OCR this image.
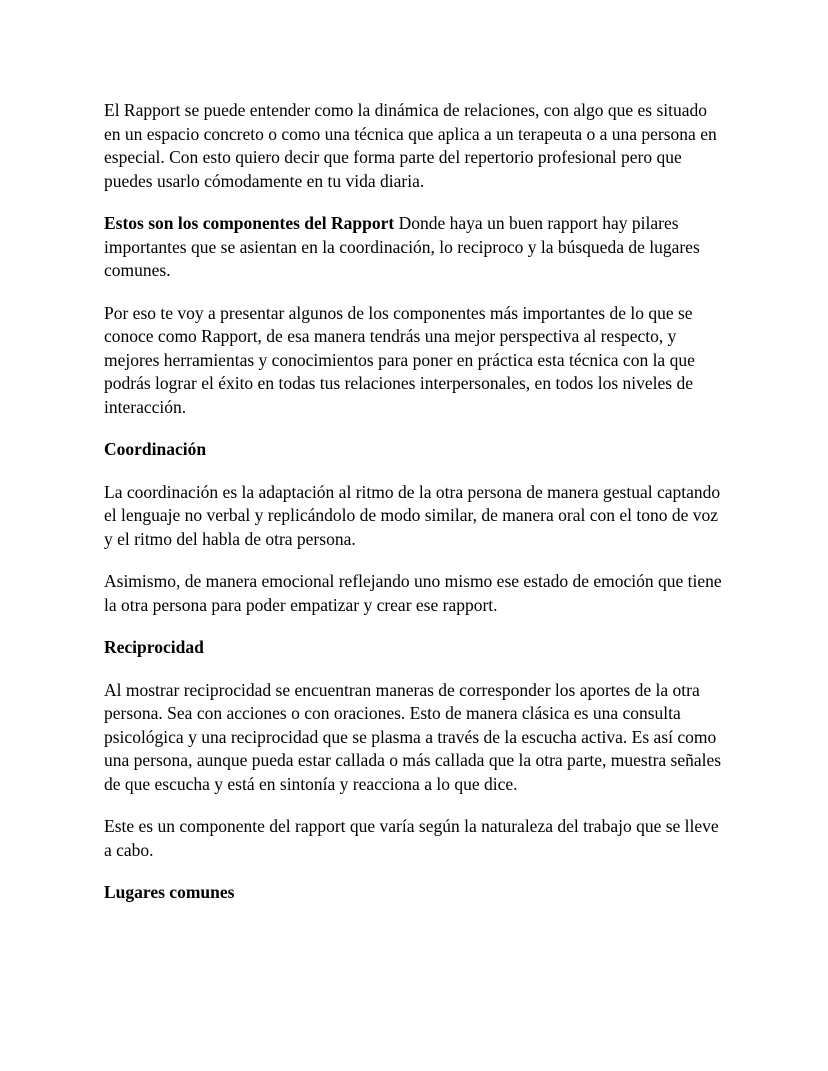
El Rapport se puede entender como la dinámica de relaciones, con algo que es situado en un espacio concreto o como una técnica que aplica a un terapeuta o a una persona en especial. Con esto quiero decir que forma parte del repertorio profesional pero que puedes usarlo cómodamente en tu vida diaria.

Estos son los componentes del Rapport Donde haya un buen rapport hay pilares importantes que se asientan en la coordinación, lo reciproco y la búsqueda de lugares comunes.

Por eso te voy a presentar algunos de los componentes más importantes de lo que se conoce como Rapport, de esa manera tendrás una mejor perspectiva al respecto, y mejores herramientas y conocimientos para poner en práctica esta técnica con la que podrás lograr el éxito en todas tus relaciones interpersonales, en todos los niveles de interacción.

Coordinación

La coordinación es la adaptación al ritmo de la otra persona de manera gestual captando el lenguaje no verbal y replicándolo de modo similar, de manera oral con el tono de voz y el ritmo del habla de otra persona.

Asimismo, de manera emocional reflejando uno mismo ese estado de emoción que tiene la otra persona para poder empatizar y crear ese rapport.

Reciprocidad

Al mostrar reciprocidad se encuentran maneras de corresponder los aportes de la otra persona. Sea con acciones o con oraciones. Esto de manera clásica es una consulta psicológica y una reciprocidad que se plasma a través de la escucha activa. Es así como una persona, aunque pueda estar callada o más callada que la otra parte, muestra señales de que escucha y está en sintonía y reacciona a lo que dice.

Este es un componente del rapport que varía según la naturaleza del trabajo que se lleve a cabo.

Lugares comunes
